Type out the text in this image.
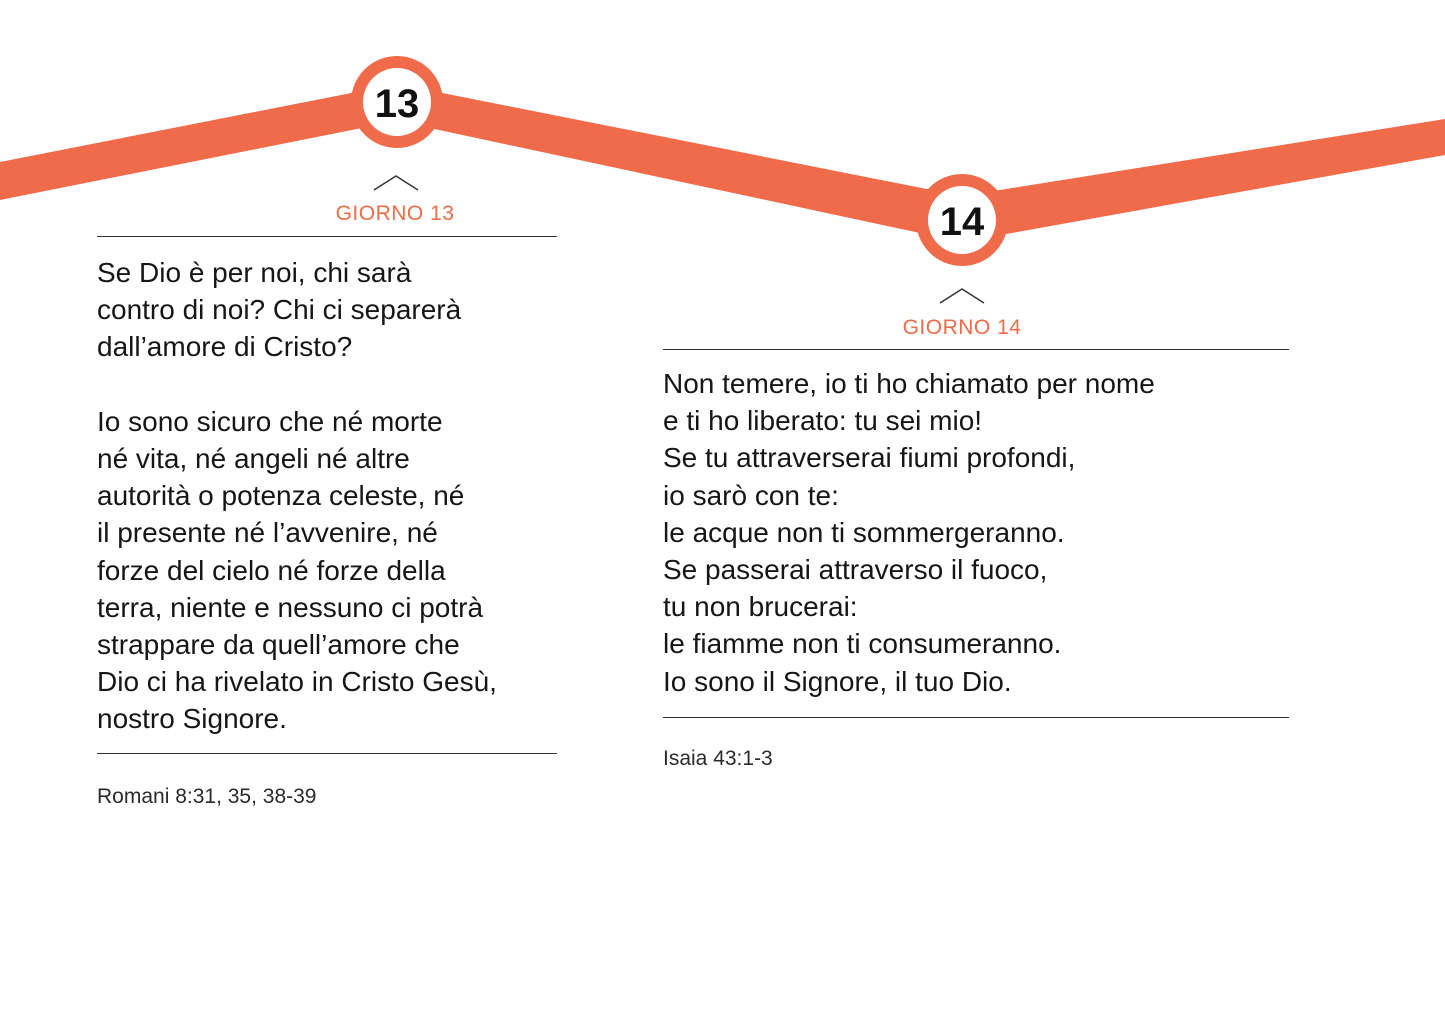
13
14
GIORNO 13

Se Dio è per noi, chi sarà
contro di noi? Chi ci separerà
dall’amore di Cristo?

Io sono sicuro che né morte
né vita, né angeli né altre
autorità o potenza celeste, né
il presente né l’avvenire, né
forze del cielo né forze della
terra, niente e nessuno ci potrà
strappare da quell’amore che
Dio ci ha rivelato in Cristo Gesù,
nostro Signore.

Romani 8:31, 35, 38-39
GIORNO 14

Non temere, io ti ho chiamato per nome
e ti ho liberato: tu sei mio!
Se tu attraverserai fiumi profondi,
io sarò con te:
le acque non ti sommergeranno.
Se passerai attraverso il fuoco,
tu non brucerai:
le fiamme non ti consumeranno.
Io sono il Signore, il tuo Dio.

Isaia 43:1-3
